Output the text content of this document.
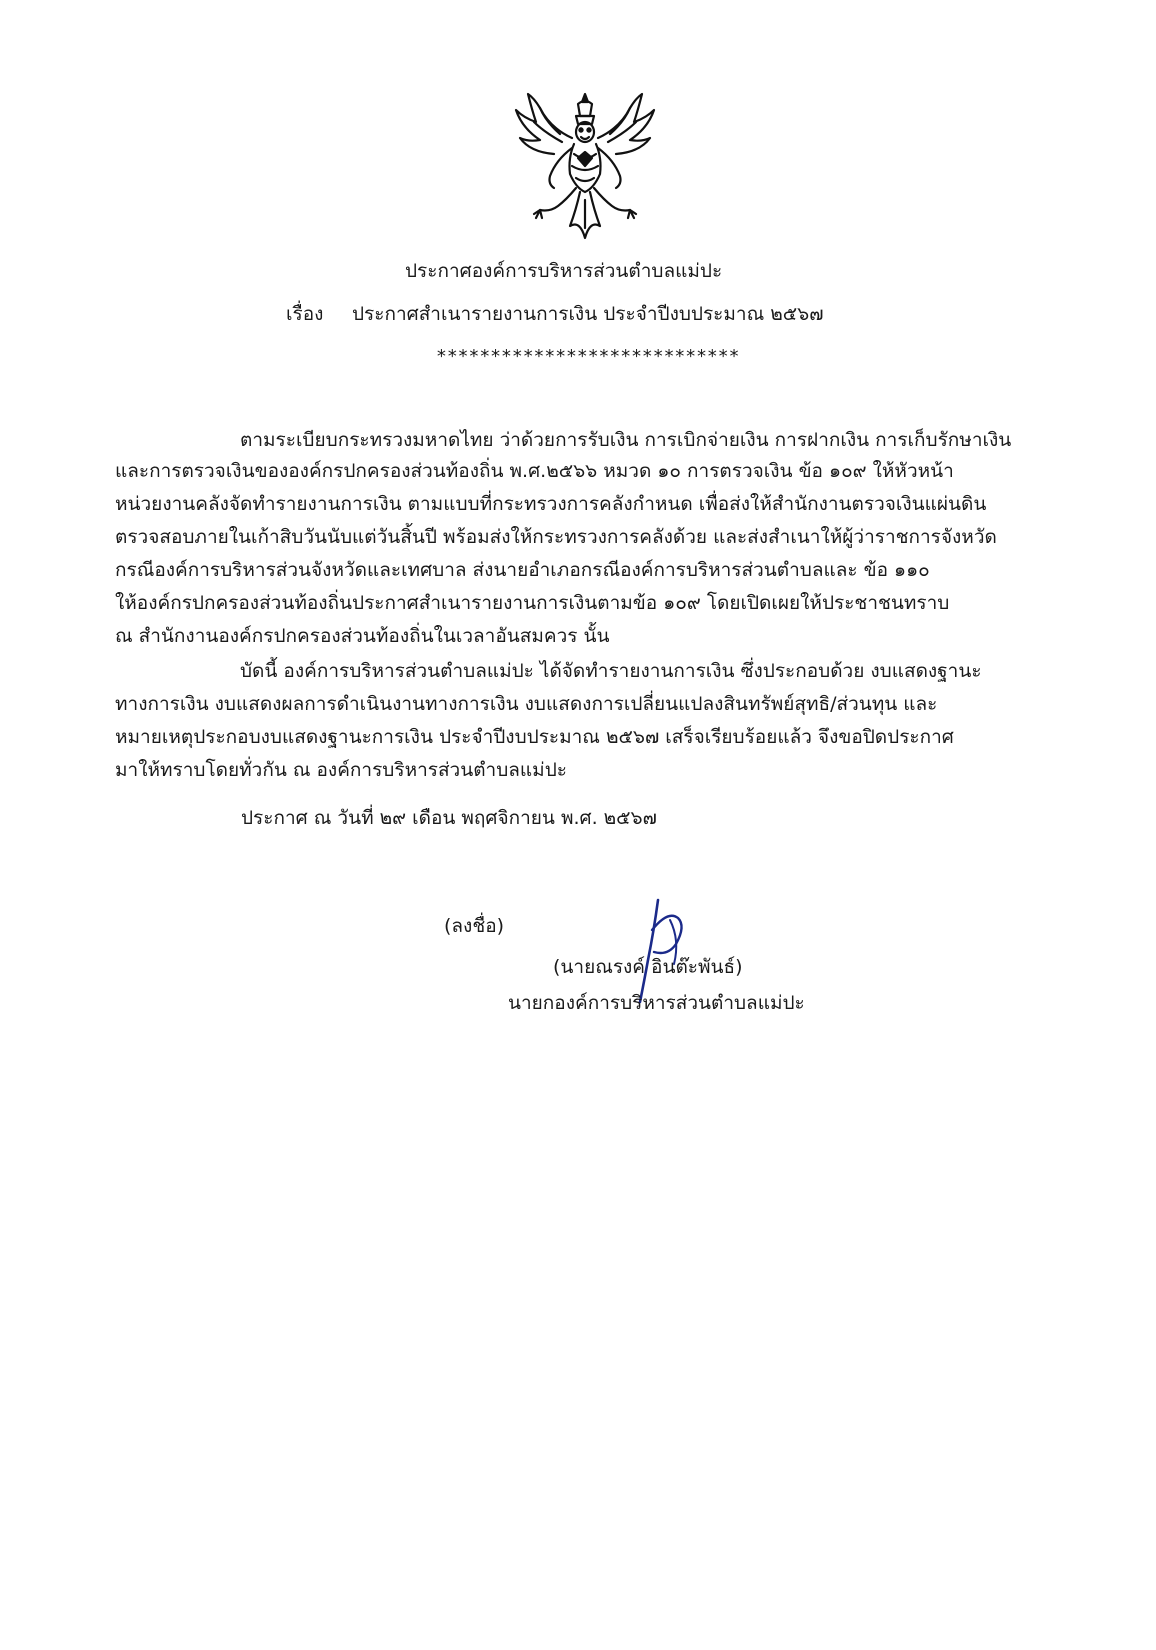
ประกาศองค์การบริหารส่วนตำบลแม่ปะ
เรื่อง ประกาศสำเนารายงานการเงิน ประจำปีงบประมาณ ๒๕๖๗
****************************
ตามระเบียบกระทรวงมหาดไทย ว่าด้วยการรับเงิน การเบิกจ่ายเงิน การฝากเงิน การเก็บรักษาเงิน
และการตรวจเงินขององค์กรปกครองส่วนท้องถิ่น พ.ศ.๒๕๖๖ หมวด ๑๐ การตรวจเงิน ข้อ ๑๐๙ ให้หัวหน้า
หน่วยงานคลังจัดทำรายงานการเงิน ตามแบบที่กระทรวงการคลังกำหนด เพื่อส่งให้สำนักงานตรวจเงินแผ่นดิน
ตรวจสอบภายในเก้าสิบวันนับแต่วันสิ้นปี พร้อมส่งให้กระทรวงการคลังด้วย และส่งสำเนาให้ผู้ว่าราชการจังหวัด
กรณีองค์การบริหารส่วนจังหวัดและเทศบาล ส่งนายอำเภอกรณีองค์การบริหารส่วนตำบลและ ข้อ ๑๑๐
ให้องค์กรปกครองส่วนท้องถิ่นประกาศสำเนารายงานการเงินตามข้อ ๑๐๙ โดยเปิดเผยให้ประชาชนทราบ
ณ สำนักงานองค์กรปกครองส่วนท้องถิ่นในเวลาอันสมควร นั้น
บัดนี้ องค์การบริหารส่วนตำบลแม่ปะ ได้จัดทำรายงานการเงิน ซึ่งประกอบด้วย งบแสดงฐานะ
ทางการเงิน งบแสดงผลการดำเนินงานทางการเงิน งบแสดงการเปลี่ยนแปลงสินทรัพย์สุทธิ/ส่วนทุน และ
หมายเหตุประกอบงบแสดงฐานะการเงิน ประจำปีงบประมาณ ๒๕๖๗ เสร็จเรียบร้อยแล้ว จึงขอปิดประกาศ
มาให้ทราบโดยทั่วกัน ณ องค์การบริหารส่วนตำบลแม่ปะ
ประกาศ ณ วันที่ ๒๙ เดือน พฤศจิกายน พ.ศ. ๒๕๖๗
(ลงชื่อ)
(นายณรงค์ อินต๊ะพันธ์)
นายกองค์การบริหารส่วนตำบลแม่ปะ
